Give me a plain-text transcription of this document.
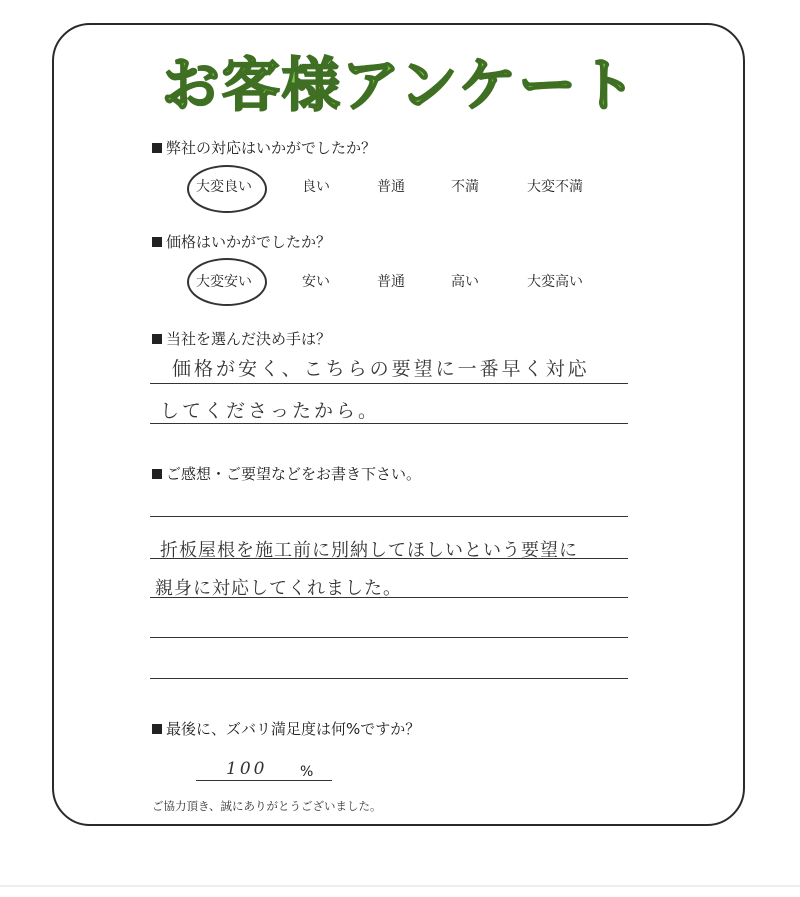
お客様アンケート
弊社の対応はいかがでしたか？
大変良い	良い	普通	不満	大変不満
価格はいかがでしたか？
大変安い	安い	普通	高い	大変高い
当社を選んだ決め手は？
価格が安く、こちらの要望に一番早く対応
してくださったから。
ご感想・ご要望などをお書き下さい。
折板屋根を施工前に別納してほしいという要望に
親身に対応してくれました。
最後に、ズバリ満足度は何%ですか？
100 %
ご協力頂き、誠にありがとうございました。
